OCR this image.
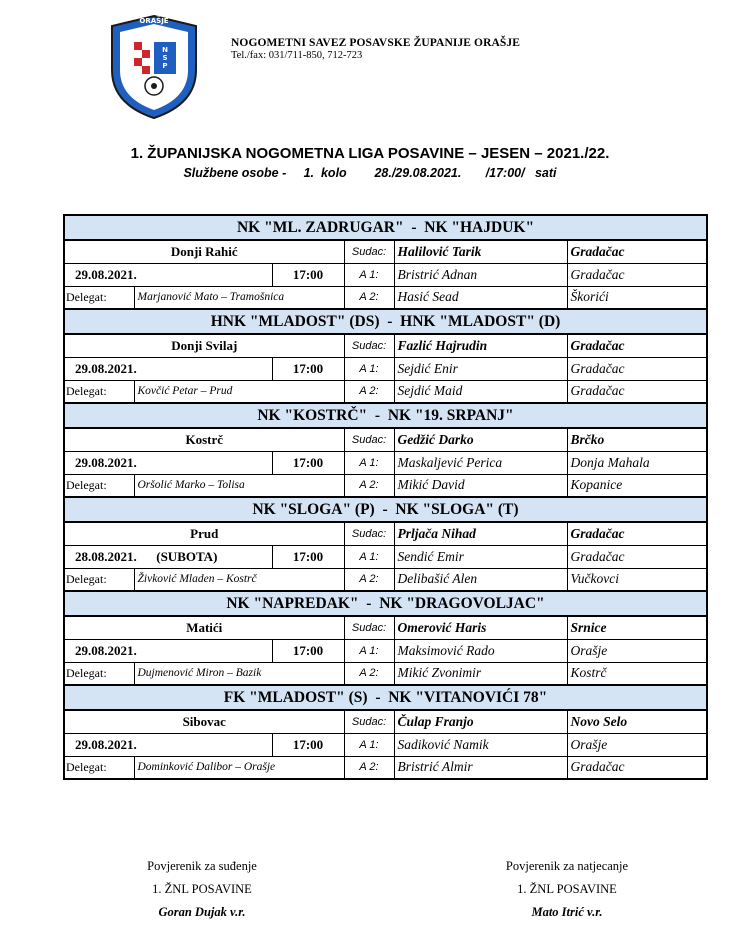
N
S
P
ORAŠJE
NOGOMETNI SAVEZ POSAVSKE ŽUPANIJE ORAŠJE
Tel./fax: 031/711-850, 712-723
1. ŽUPANIJSKA NOGOMETNA LIGA POSAVINE – JESEN – 2021./22.
Službene osobe -     1.  kolo        28./29.08.2021.       /17:00/   sati
NK "ML. ZADRUGAR"  -  NK "HAJDUK"					
Donji Rahić			Sudac:	Halilović Tarik	Gradačac
29.08.2021.		17:00	A 1:	Bristrić Adnan	Gradačac
Delegat:	Marjanović Mato – Tramošnica		A 2:	Hasić Sead	Škorići
HNK "MLADOST" (DS)  -  HNK "MLADOST" (D)					
Donji Svilaj			Sudac:	Fazlić Hajrudin	Gradačac
29.08.2021.		17:00	A 1:	Sejdić Enir	Gradačac
Delegat:	Kovčić Petar – Prud		A 2:	Sejdić Maid	Gradačac
NK "KOSTRČ"  -  NK "19. SRPANJ"					
Kostrč			Sudac:	Gedžić Darko	Brčko
29.08.2021.		17:00	A 1:	Maskaljević Perica	Donja Mahala
Delegat:	Oršolić Marko – Tolisa		A 2:	Mikić David	Kopanice
NK "SLOGA" (P)  -  NK "SLOGA" (T)					
Prud			Sudac:	Prljača Nihad	Gradačac
28.08.2021.      (SUBOTA)		17:00	A 1:	Sendić Emir	Gradačac
Delegat:	Živković Mladen – Kostrč		A 2:	Delibašić Alen	Vučkovci
NK "NAPREDAK"  -  NK "DRAGOVOLJAC"					
Matići			Sudac:	Omerović Haris	Srnice
29.08.2021.		17:00	A 1:	Maksimović Rado	Orašje
Delegat:	Dujmenović Miron – Bazik		A 2:	Mikić Zvonimir	Kostrč
FK "MLADOST" (S)  -  NK "VITANOVIĆI 78"					
Sibovac			Sudac:	Čulap Franjo	Novo Selo
29.08.2021.		17:00	A 1:	Sadiković Namik	Orašje
Delegat:	Dominković Dalibor – Orašje		A 2:	Bristrić Almir	Gradačac
Povjerenik za suđenje
1. ŽNL POSAVINE
Goran Dujak v.r.
Povjerenik za natjecanje
1. ŽNL POSAVINE
Mato Itrić v.r.
